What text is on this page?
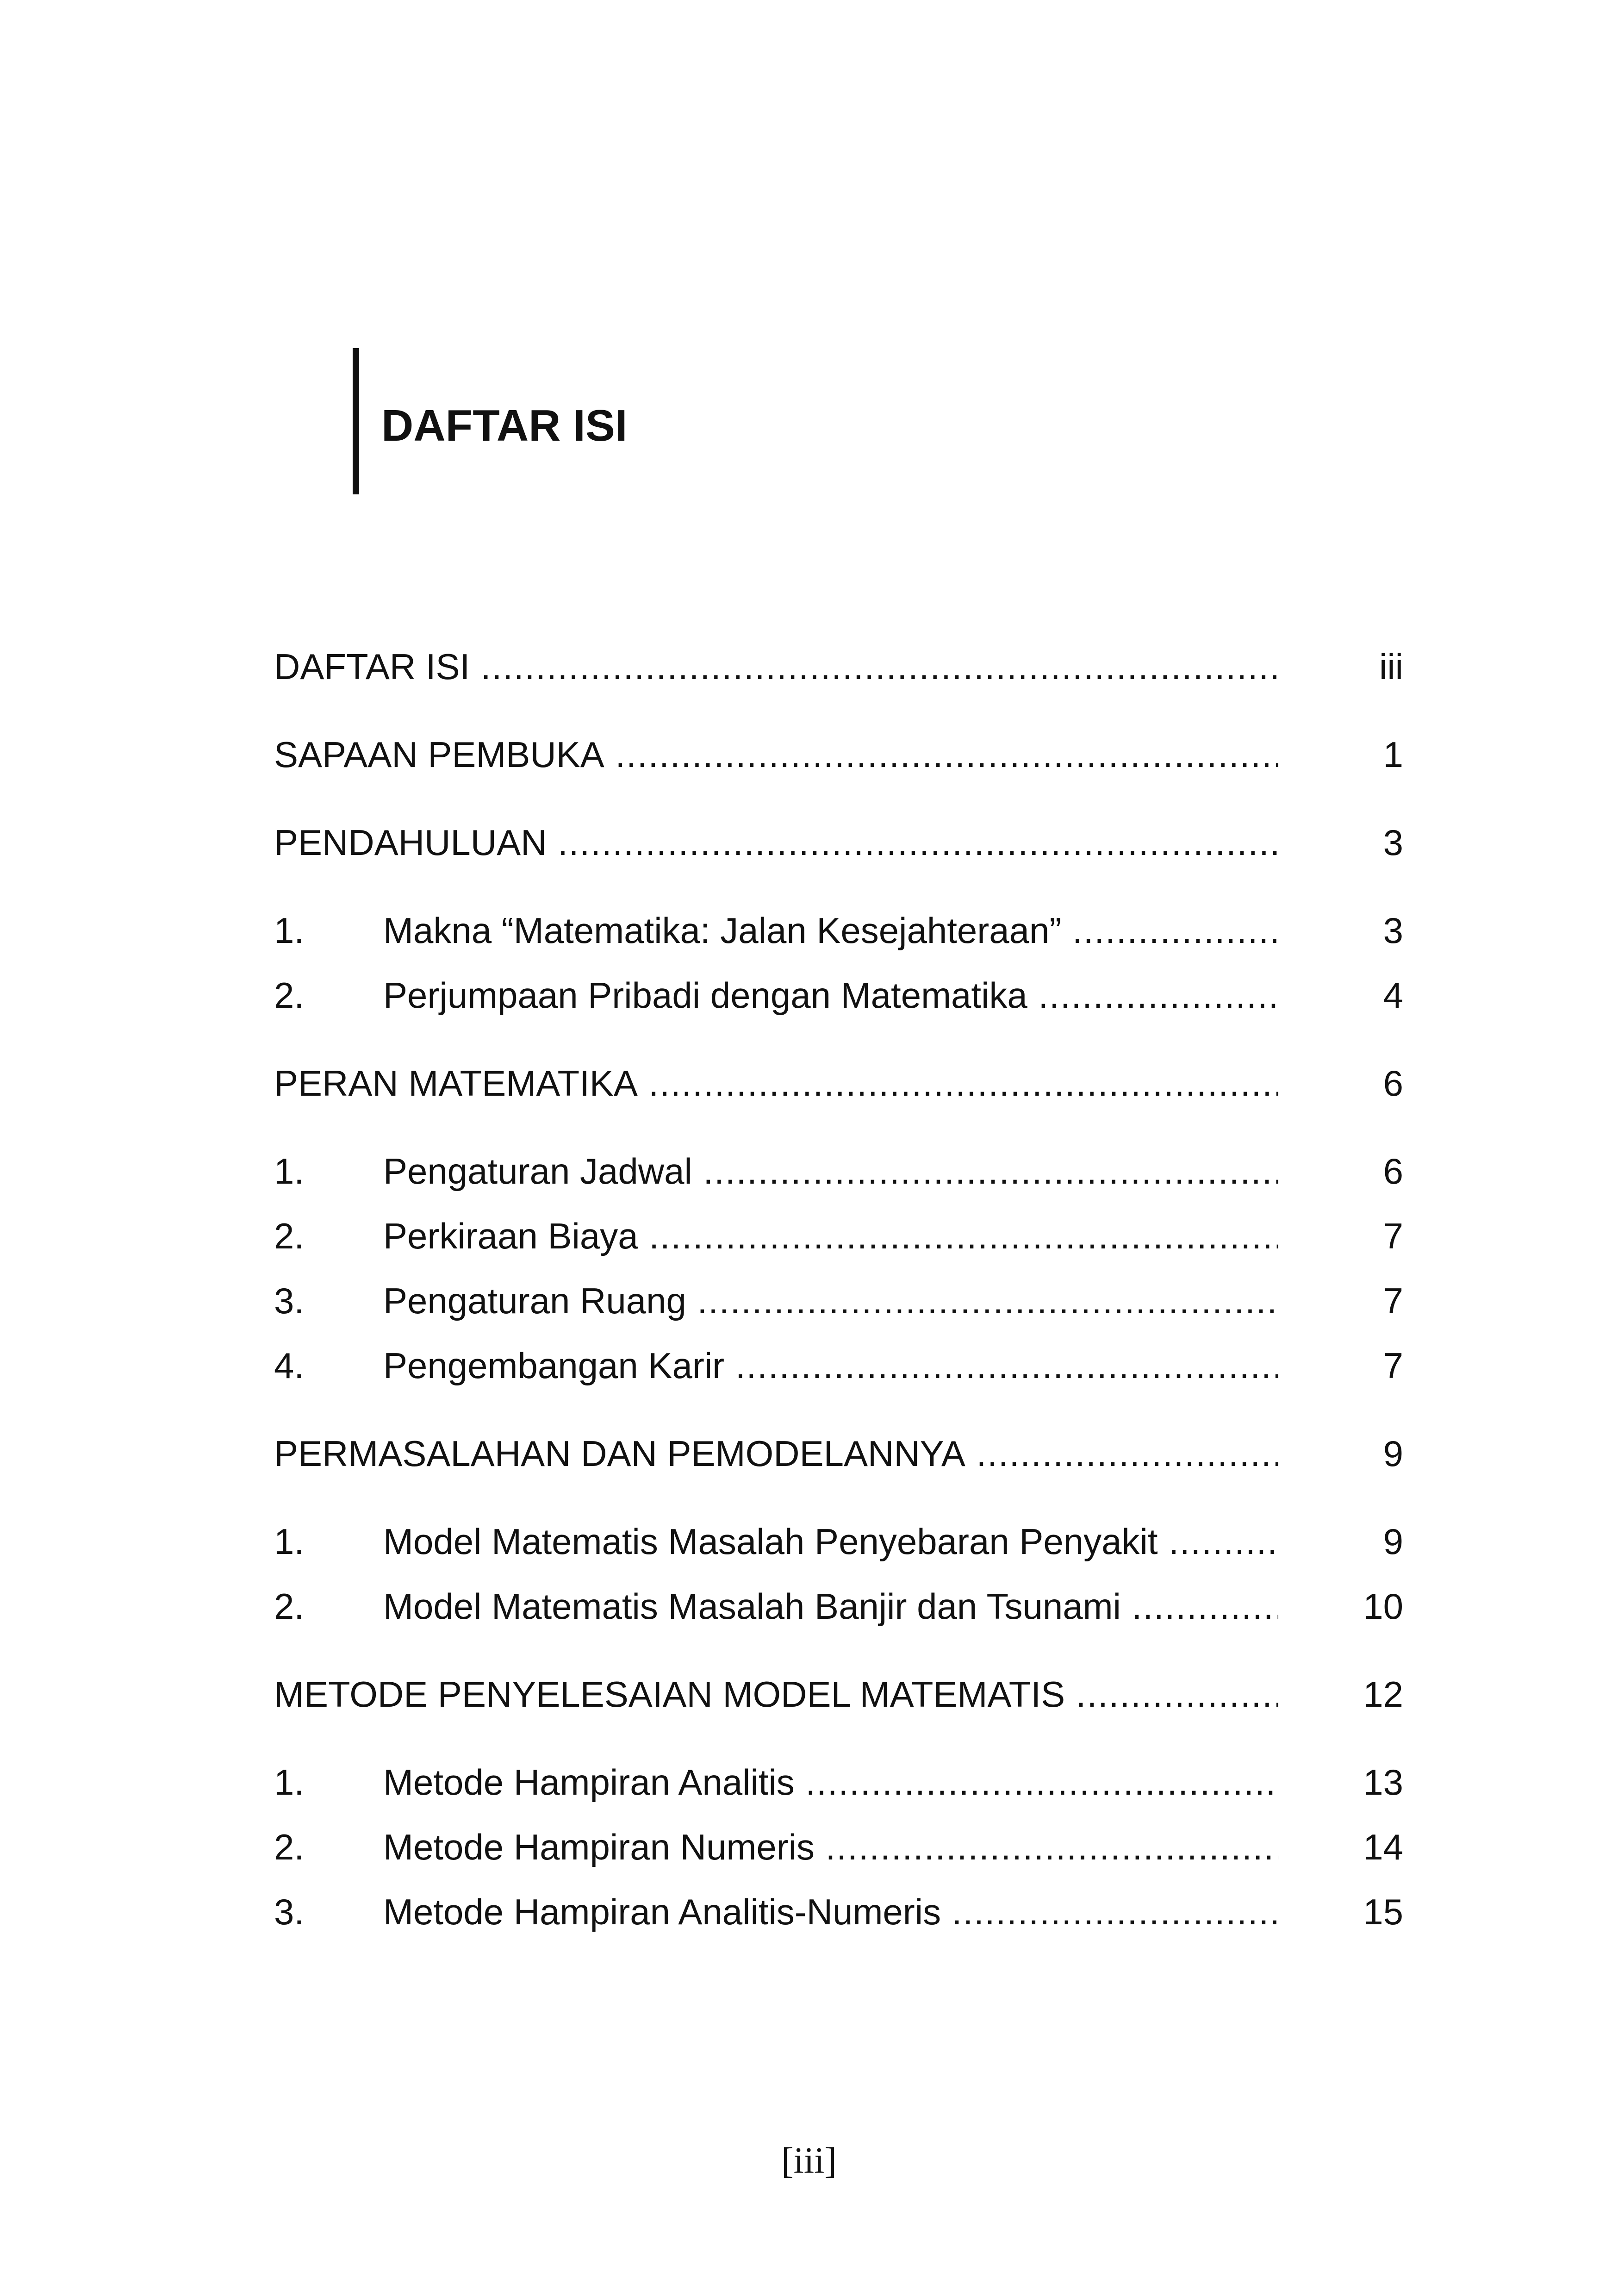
DAFTAR ISI
DAFTAR ISI .....	iii
SAPAAN PEMBUKA .....	1
PENDAHULUAN .....	3
1. Makna “Matematika: Jalan Kesejahteraan” .....	3
2. Perjumpaan Pribadi dengan Matematika .....	4
PERAN MATEMATIKA .....	6
1. Pengaturan Jadwal .....	6
2. Perkiraan Biaya .....	7
3. Pengaturan Ruang .....	7
4. Pengembangan Karir .....	7
PERMASALAHAN DAN PEMODELANNYA .....	9
1. Model Matematis Masalah Penyebaran Penyakit .....	9
2. Model Matematis Masalah Banjir dan Tsunami .....	10
METODE PENYELESAIAN MODEL MATEMATIS .....	12
1. Metode Hampiran Analitis .....	13
2. Metode Hampiran Numeris .....	14
3. Metode Hampiran Analitis-Numeris .....	15
[iii]
